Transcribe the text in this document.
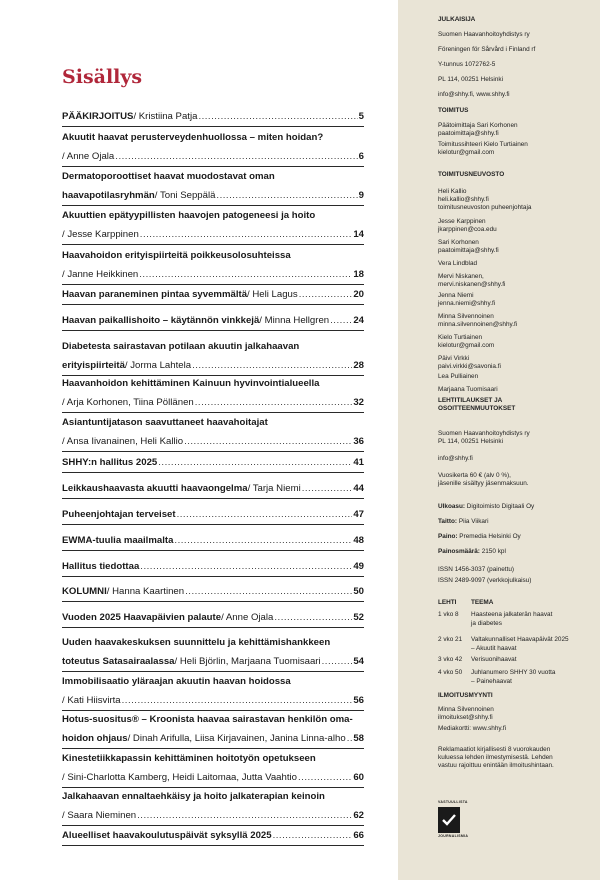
Sisällys
PÄÄKIRJOITUS / Kristiina Patja .....	5
Akuutit haavat perusterveydenhuollossa – miten hoidan?
/ Anne Ojala .....	6
Dermatoporoottiset haavat muodostavat oman
haavapotilasryhmän / Toni Seppälä .....	9
Akuuttien epätyypillisten haavojen patogeneesi ja hoito
/ Jesse Karppinen .....	14
Haavahoidon erityispiirteitä poikkeusolosuhteissa
/ Janne Heikkinen .....	18
Haavan paraneminen pintaa syvemmältä / Heli Lagus .....	20
Haavan paikallishoito – käytännön vinkkejä / Minna Hellgren .....	24
Diabetesta sairastavan potilaan akuutin jalkahaavan
erityispiirteitä / Jorma Lahtela .....	28
Haavanhoidon kehittäminen Kainuun hyvinvointialueella
/ Arja Korhonen, Tiina Pöllänen .....	32
Asiantuntijatason saavuttaneet haavahoitajat
/ Ansa Iivanainen, Heli Kallio .....	36
SHHY:n hallitus 2025 .....	41
Leikkaushaavasta akuutti haavaongelma / Tarja Niemi .....	44
Puheenjohtajan terveiset .....	47
EWMA-tuulia maailmalta .....	48
Hallitus tiedottaa .....	49
KOLUMNI / Hanna Kaartinen .....	50
Vuoden 2025 Haavapäivien palaute / Anne Ojala .....	52
Uuden haavakeskuksen suunnittelu ja kehittämishankkeen
toteutus Satasairaalassa / Heli Björlin, Marjaana Tuomisaari .....	54
Immobilisaatio yläraajan akuutin haavan hoidossa
/ Kati Hiisvirta .....	56
Hotus-suositus® – Kroonista haavaa sairastavan henkilön oma-
hoidon ohjaus / Dinah Arifulla, Liisa Kirjavainen, Janina Linna-alho ..... 58
Kinestetiikkapassin kehittäminen hoitotyön opetukseen
/ Sini-Charlotta Kamberg, Heidi Laitomaa, Jutta Vaahtio .....	60
Jalkahaavan ennaltaehkäisy ja hoito jalkaterapian keinoin
/ Saara Nieminen .....	62
Alueelliset haavakoulutuspäivät syksyllä 2025 .....	66
JULKAISIJA
Suomen Haavanhoitoyhdistys ry
Föreningen för Sårvård i Finland rf
Y-tunnus 1072762-5
PL 114, 00251 Helsinki
info@shhy.fi, www.shhy.fi
TOIMITUS
Päätoimittaja Sari Korhonen
paatoimittaja@shhy.fi
Toimitussihteeri Kielo Turtiainen
kielotur@gmail.com
TOIMITUSNEUVOSTO
Heli Kallio
heli.kallio@shhy.fi
toimitusneuvoston puheenjohtaja
Jesse Karppinen
jkarppinen@coa.edu
Sari Korhonen
paatoimittaja@shhy.fi
Vera Lindblad
Mervi Niskanen,
mervi.niskanen@shhy.fi
Jenna Niemi
jenna.niemi@shhy.fi
Minna Silvennoinen
minna.silvennoinen@shhy.fi
Kielo Turtiainen
kielotur@gmail.com
Päivi Virkki
paivi.virkki@savonia.fi
Lea Pulliainen
Marjaana Tuomisaari
LEHTITILAUKSET JA
OSOITTEENMUUTOKSET
Suomen Haavanhoitoyhdistys ry
PL 114, 00251 Helsinki
info@shhy.fi
Vuosikerta 60 € (alv 0 %),
jäsenille sisältyy jäsenmaksuun.
Ulkoasu: Digitoimisto Digitaali Oy
Taitto: Piia Viikari
Paino: Premedia Helsinki Oy
Painosmäärä: 2150 kpl
ISSN 1456-3037 (painettu)
ISSN 2489-9097 (verkkojulkaisu)
LEHTI TEEMA
1 vko 8 Haasteena jalkaterän haavat
ja diabetes
2 vko 21 Valtakunnalliset Haavapäivät 2025
– Akuutit haavat
3 vko 42 Verisuonihaavat
4 vko 50 Juhlanumero SHHY 30 vuotta
– Painehaavat
ILMOITUSMYYNTI
Minna Silvennoinen
ilmoitukset@shhy.fi
Mediakortti: www.shhy.fi
Reklamaatiot kirjallisesti 8 vuorokauden
kuluessa lehden ilmestymisestä. Lehden
vastuu rajoittuu enintään ilmoitushintaan.
VASTUULLISTA
JOURNALISMIA
